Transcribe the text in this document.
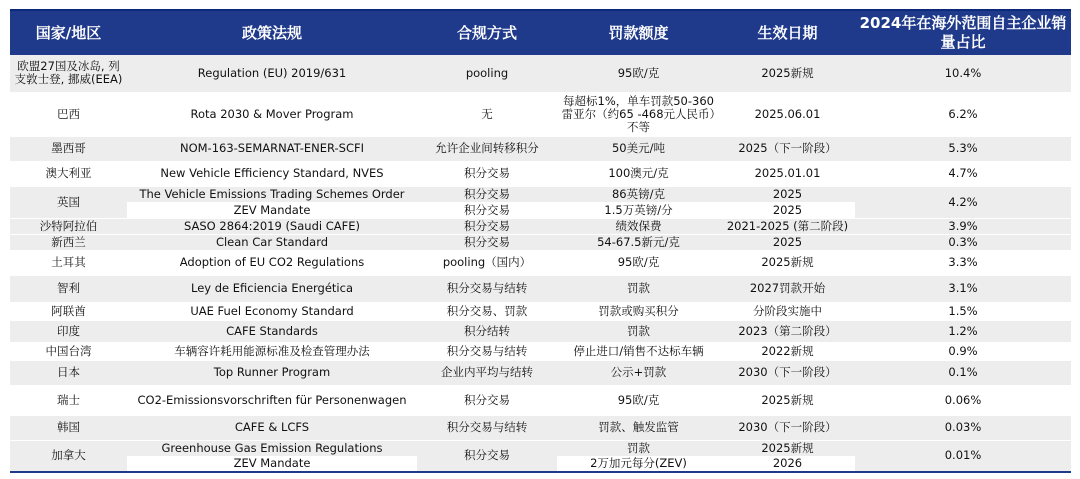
国家/地区	政策法规	合规方式	罚款额度	生效日期	2024年在海外范围自主企业销量占比
欧盟27国及冰岛, 列支敦士登, 挪威(EEA)	Regulation (EU) 2019/631	pooling	95欧/克	2025新规	10.4%
巴西	Rota 2030 & Mover Program	无	每超标1%，单车罚款50-360雷亚尔（约65 -468元人民币）不等	2025.06.01	6.2%
墨西哥	NOM-163-SEMARNAT-ENER-SCFI	允许企业间转移积分	50美元/吨	2025（下一阶段）	5.3%
澳大利亚	New Vehicle Efficiency Standard, NVES	积分交易	100澳元/克	2025.01.01	4.7%
英国	The Vehicle Emissions Trading Schemes Order	积分交易	86英镑/克	2025	4.2%
	ZEV Mandate	积分交易	1.5万英镑/分	2025	
沙特阿拉伯	SASO 2864:2019 (Saudi CAFE)	积分交易	绩效保费	2021-2025 (第二阶段)	3.9%
新西兰	Clean Car Standard	积分交易	54-67.5新元/克	2025	0.3%
土耳其	Adoption of EU CO2 Regulations	pooling（国内）	95欧/克	2025新规	3.3%
智利	Ley de Eficiencia Energética	积分交易与结转	罚款	2027罚款开始	3.1%
阿联酋	UAE Fuel Economy Standard	积分交易、罚款	罚款或购买积分	分阶段实施中	1.5%
印度	CAFE Standards	积分结转	罚款	2023（第二阶段）	1.2%
中国台湾	车辆容许耗用能源标准及检查管理办法	积分交易与结转	停止进口/销售不达标车辆	2022新规	0.9%
日本	Top Runner Program	企业内平均与结转	公示+罚款	2030（下一阶段）	0.1%
瑞士	CO2-Emissionsvorschriften für Personenwagen	积分交易	95欧/克	2025新规	0.06%
韩国	CAFE & LCFS	积分交易与结转	罚款、触发监管	2030（下一阶段）	0.03%
加拿大	Greenhouse Gas Emission Regulations	积分交易	罚款	2025新规	0.01%
	ZEV Mandate		2万加元每分(ZEV)	2026	
